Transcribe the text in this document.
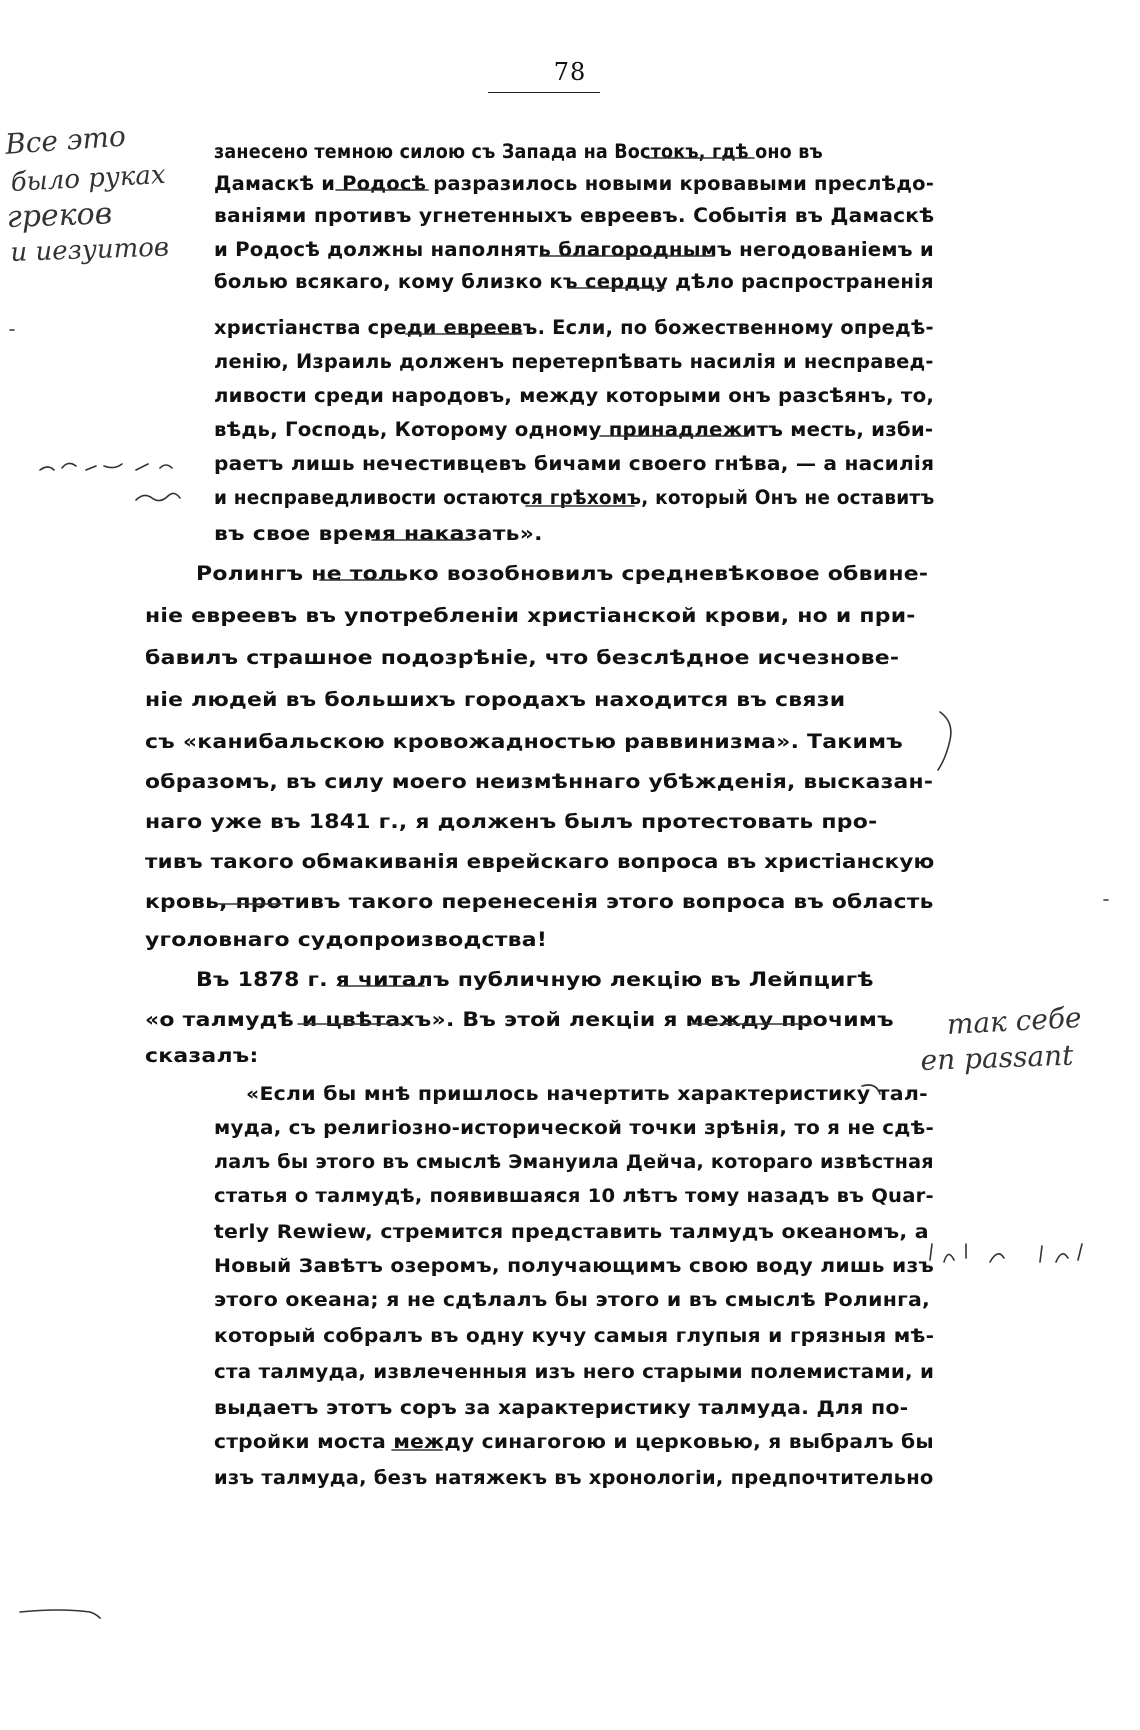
78

занесено темною силою съ Запада на Востокъ, гдѣ оно въ

Дамаскѣ и Родосѣ разразилось новыми кровавыми преслѣдо-

ваніями противъ угнетенныхъ евреевъ. Событія въ Дамаскѣ

и Родосѣ должны наполнять благороднымъ негодованіемъ и

болью всякаго, кому близко къ сердцу дѣло распространенія

христіанства среди евреевъ. Если, по божественному опредѣ-

ленію, Израиль долженъ перетерпѣвать насилія и несправед-

ливости среди народовъ, между которыми онъ разсѣянъ, то,

вѣдь, Господь, Которому одному принадлежитъ месть, изби-

раетъ лишь нечестивцевъ бичами своего гнѣва, — а насилія

и несправедливости остаются грѣхомъ, который Онъ не оставитъ

въ свое время наказать».

Ролингъ не только возобновилъ средневѣковое обвине-

ніе евреевъ въ употребленіи христіанской крови, но и при-

бавилъ страшное подозрѣніе, что безслѣдное исчезнове-

ніе людей въ большихъ городахъ находится въ связи

съ «канибальскою кровожадностью раввинизма». Такимъ

образомъ, въ силу моего неизмѣннаго убѣжденія, высказан-

наго уже въ 1841 г., я долженъ былъ протестовать про-

тивъ такого обмакиванія еврейскаго вопроса въ христіанскую

кровь, противъ такого перенесенія этого вопроса въ область

уголовнаго судопроизводства!

Въ 1878 г. я читалъ публичную лекцію въ Лейпцигѣ

«о талмудѣ и цвѣтахъ». Въ этой лекціи я между прочимъ

сказалъ:

«Если бы мнѣ пришлось начертить характеристику тал-

муда, съ религіозно-исторической точки зрѣнія, то я не сдѣ-

лалъ бы этого въ смыслѣ Эмануила Дейча, котораго извѣстная

статья о талмудѣ, появившаяся 10 лѣтъ тому назадъ въ Quar-

terly Rewiew, стремится представить талмудъ океаномъ, а

Новый Завѣтъ озеромъ, получающимъ свою воду лишь изъ

этого океана; я не сдѣлалъ бы этого и въ смыслѣ Ролинга,

который собралъ въ одну кучу самыя глупыя и грязныя мѣ-

ста талмуда, извлеченныя изъ него старыми полемистами, и

выдаетъ этотъ соръ за характеристику талмуда. Для по-

стройки моста между синагогою и церковью, я выбралъ бы

изъ талмуда, безъ натяжекъ въ хронологіи, предпочтительно

Все это

было руках

греков

и иезуитов

так себе

en passant
